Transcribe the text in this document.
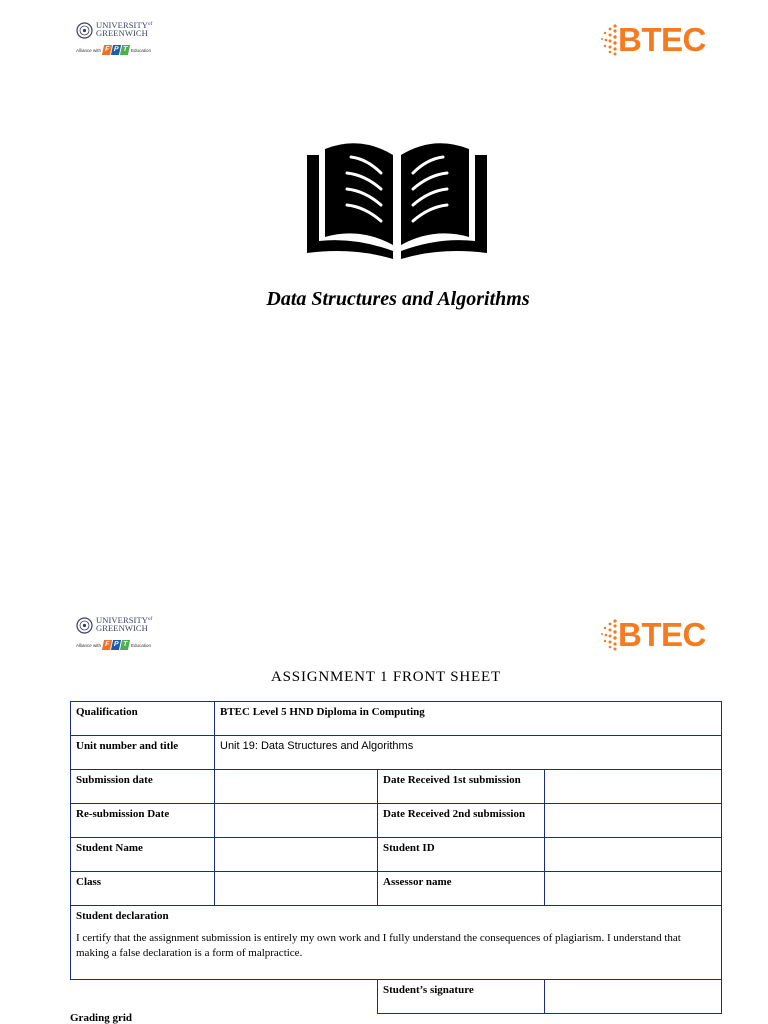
$UNIVERSITY^{of}$
GREENWICH
Alliance with F P T Education	BTEC
Data Structures and Algorithms
$UNIVERSITY^{of}$
GREENWICH
Alliance with F P T Education	BTEC
ASSIGNMENT 1 FRONT SHEET
Qualification	BTEC Level 5 HND Diploma in Computing		
Unit number and title	Unit 19: Data Structures and Algorithms		
Submission date		Date Received 1st submission	
Re-submission Date		Date Received 2nd submission	
Student Name		Student ID	
Class		Assessor name	

Student declaration
I certify that the assignment submission is entirely my own work and I fully understand the consequences of plagiarism. I understand that making a false declaration is a form of malpractice.			

		Student’s signature	
Grading grid
